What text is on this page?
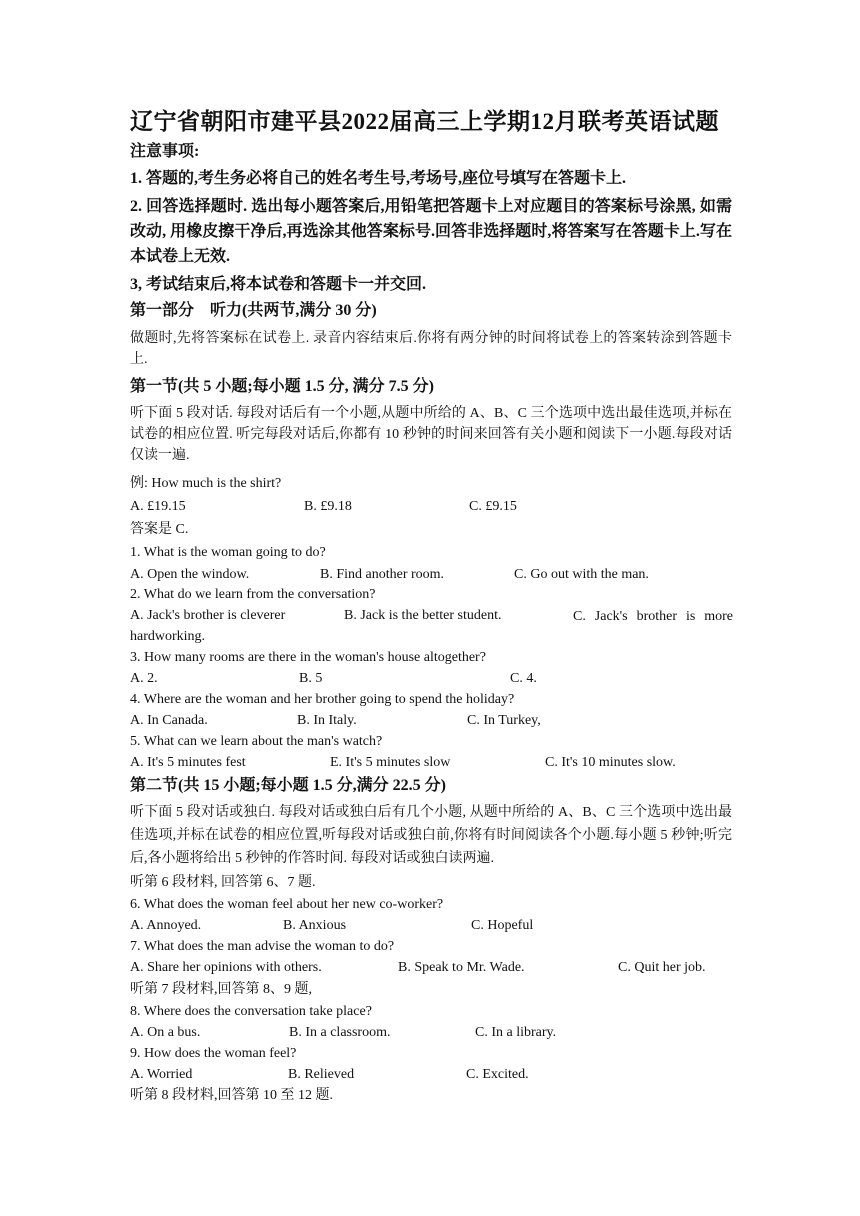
辽宁省朝阳市建平县2022届高三上学期12月联考英语试题
注意事项:
1. 答题的,考生务必将自己的姓名考生号,考场号,座位号填写在答题卡上.
2. 回答选择题时. 选出每小题答案后,用铅笔把答题卡上对应题目的答案标号涂黑, 如需改动, 用橡皮擦干净后,再选涂其他答案标号.回答非选择题时,将答案写在答题卡上.写在本试卷上无效.
3, 考试结束后,将本试卷和答题卡一并交回.
第一部分　听力(共两节,满分 30 分)
做题时,先将答案标在试卷上. 录音内容结束后.你将有两分钟的时间将试卷上的答案转涂到答题卡上.
第一节(共 5 小题;每小题 1.5 分, 满分 7.5 分)
听下面 5 段对话. 每段对话后有一个小题,从题中所给的 A、B、C 三个选项中选出最佳选项,并标在试卷的相应位置. 听完每段对话后,你都有 10 秒钟的时间来回答有关小题和阅读下一小题.每段对话仅读一遍.
例: How much is the shirt?
A. £19.15	B. £9.18	C. £9.15
答案是 C.
1. What is the woman going to do?
A. Open the window.	B. Find another room.	C. Go out with the man.
2. What do we learn from the conversation?
A. Jack's brother is cleverer	B. Jack is the better student.	C. Jack's brother is more
hardworking.
3. How many rooms are there in the woman's house altogether?
A. 2.	B. 5	C. 4.
4. Where are the woman and her brother going to spend the holiday?
A. In Canada.	B. In Italy.	C. In Turkey,
5. What can we learn about the man's watch?
A. It's 5 minutes fest	E. It's 5 minutes slow	C. It's 10 minutes slow.
第二节(共 15 小题;每小题 1.5 分,满分 22.5 分)
听下面 5 段对话或独白. 每段对话或独白后有几个小题, 从题中所给的 A、B、C 三个选项中选出最佳选项,并标在试卷的相应位置,听每段对话或独白前,你将有时间阅读各个小题.每小题 5 秒钟;听完后,各小题将给出 5 秒钟的作答时间. 每段对话或独白读两遍.
听第 6 段材料, 回答第 6、7 题.
6. What does the woman feel about her new co-worker?
A. Annoyed.	B. Anxious	C. Hopeful
7. What does the man advise the woman to do?
A. Share her opinions with others.	B. Speak to Mr. Wade.	C. Quit her job.
听第 7 段材料,回答第 8、9 题,
8. Where does the conversation take place?
A. On a bus.	B. In a classroom.	C. In a library.
9. How does the woman feel?
A. Worried	B. Relieved	C. Excited.
听第 8 段材料,回答第 10 至 12 题.
